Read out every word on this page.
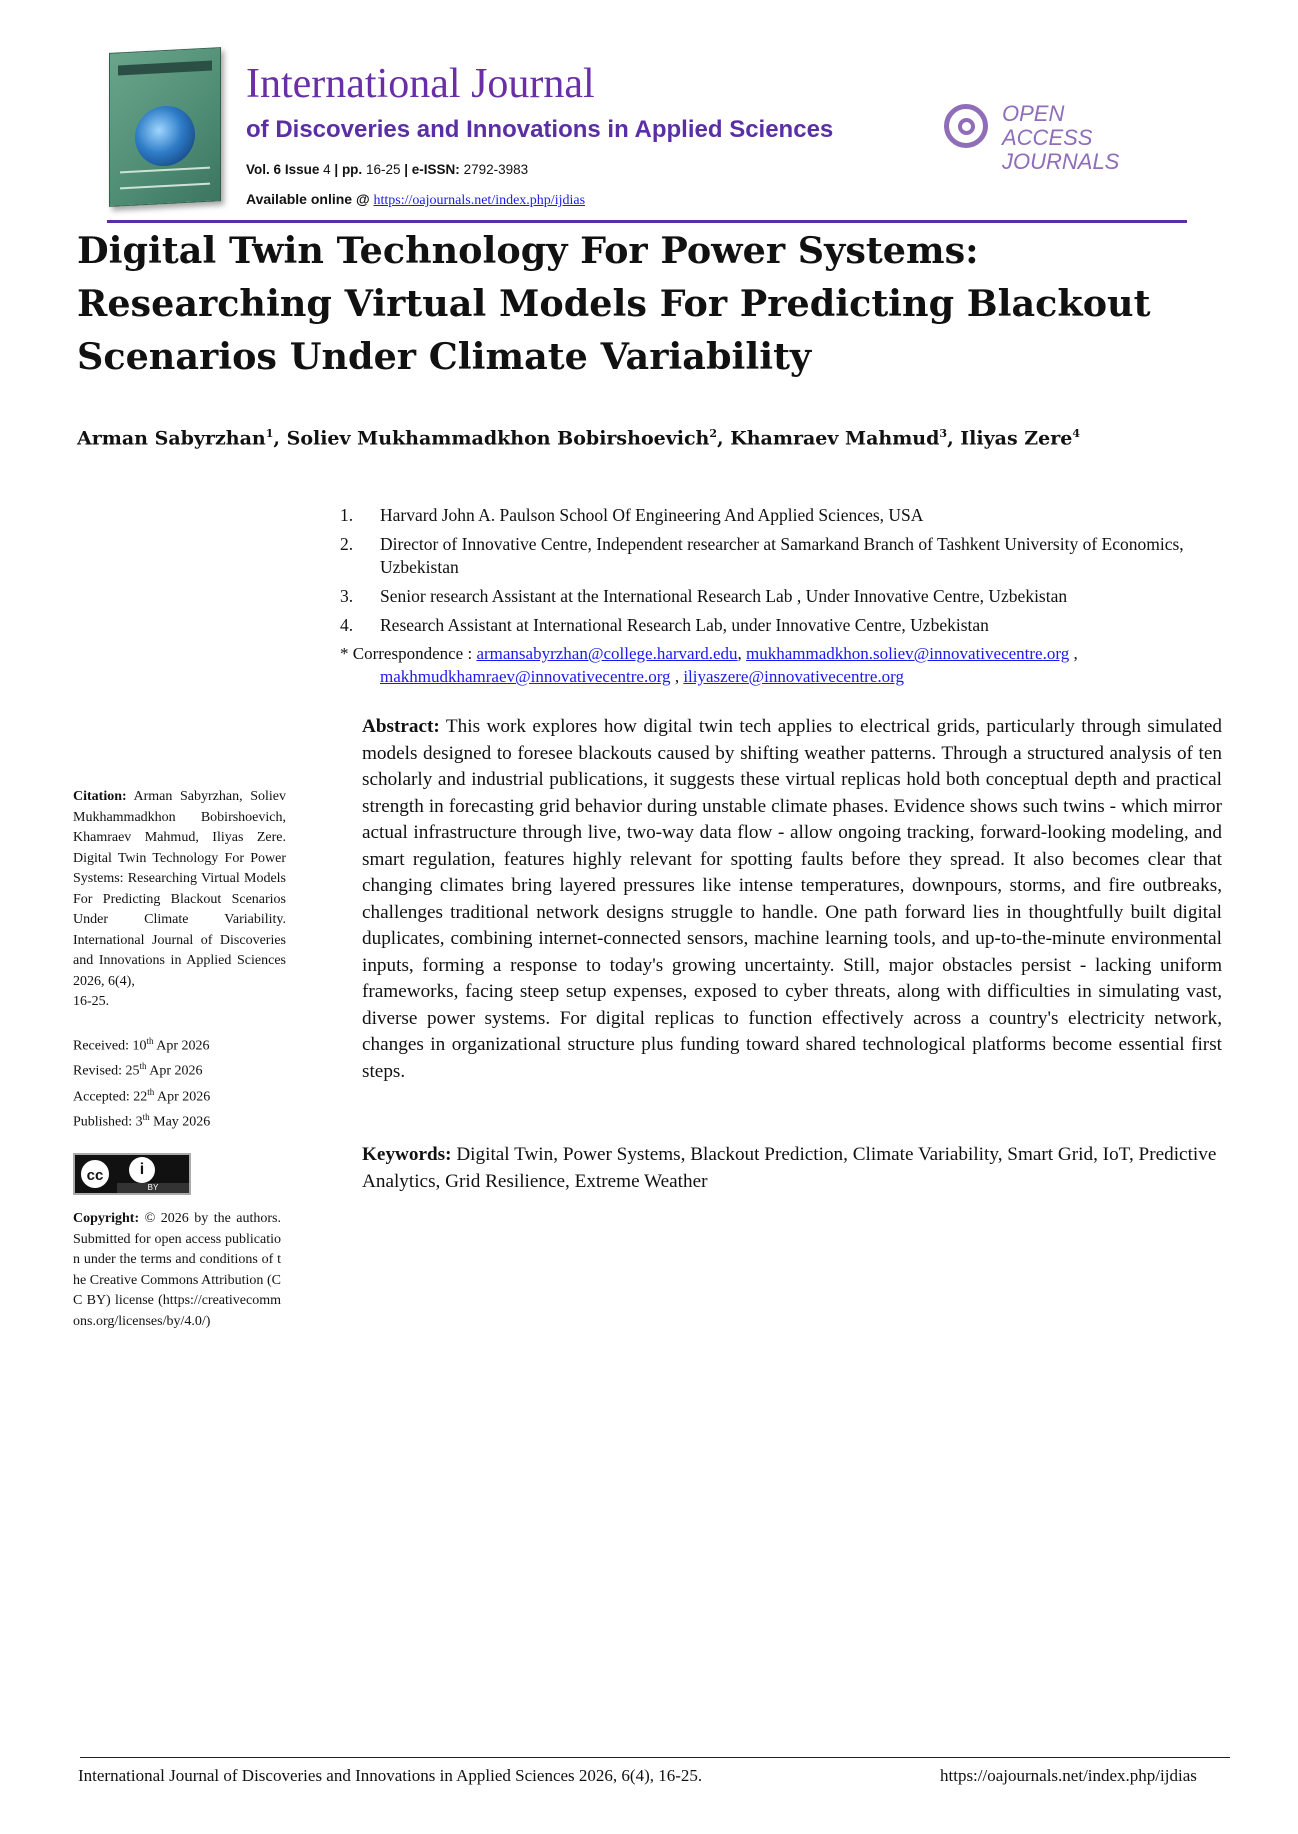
International Journal
of Discoveries and Innovations in Applied Sciences
Vol. 6 Issue 4 | pp. 16-25 | e-ISSN: 2792-3983
Available online @ https://oajournals.net/index.php/ijdias
OPEN
ACCESS JOURNALS
Digital Twin Technology For Power Systems: Researching Virtual Models For Predicting Blackout Scenarios Under Climate Variability
Arman Sabyrzhan$^1$, Soliev Mukhammadkhon Bobirshoevich$^2$, Khamraev Mahmud$^3$, Iliyas Zere$^4$
1. Harvard John A. Paulson School Of Engineering And Applied Sciences, USA
2. Director of Innovative Centre, Independent researcher at Samarkand Branch of Tashkent University of Economics, Uzbekistan
3. Senior research Assistant at the International Research Lab , Under Innovative Centre, Uzbekistan
4. Research Assistant at International Research Lab, under Innovative Centre, Uzbekistan
* Correspondence : armansabyrzhan@college.harvard.edu, mukhammadkhon.soliev@innovativecentre.org ,
makhmudkhamraev@innovativecentre.org , iliyaszere@innovativecentre.org
Citation: Arman Sabyrzhan, Soliev Mukhammadkhon Bobirshoevich, Khamraev Mahmud, Iliyas Zere. Digital Twin Technology For Power Systems: Researching Virtual Models For Predicting Blackout Scenarios Under Climate Variability. International Journal of Discoveries and Innovations in Applied Sciences 2026, 6(4),
16-25.
Received: 10th Apr 2026
Revised: 25th Apr 2026
Accepted: 22th Apr 2026
Published: 3th May 2026
cc	i
BY
Copyright: © 2026 by the authors. Submitted for open access publication under the terms and conditions of the Creative Commons Attribution (CC BY) license (https://creativecommons.org/licenses/by/4.0/)
Abstract: This work explores how digital twin tech applies to electrical grids, particularly through simulated models designed to foresee blackouts caused by shifting weather patterns. Through a structured analysis of ten scholarly and industrial publications, it suggests these virtual replicas hold both conceptual depth and practical strength in forecasting grid behavior during unstable climate phases. Evidence shows such twins - which mirror actual infrastructure through live, two-way data flow - allow ongoing tracking, forward-looking modeling, and smart regulation, features highly relevant for spotting faults before they spread. It also becomes clear that changing climates bring layered pressures like intense temperatures, downpours, storms, and fire outbreaks, challenges traditional network designs struggle to handle. One path forward lies in thoughtfully built digital duplicates, combining internet-connected sensors, machine learning tools, and up-to-the-minute environmental inputs, forming a response to today's growing uncertainty. Still, major obstacles persist - lacking uniform frameworks, facing steep setup expenses, exposed to cyber threats, along with difficulties in simulating vast, diverse power systems. For digital replicas to function effectively across a country's electricity network, changes in organizational structure plus funding toward shared technological platforms become essential first steps.
Keywords: Digital Twin, Power Systems, Blackout Prediction, Climate Variability, Smart Grid, IoT, Predictive Analytics, Grid Resilience, Extreme Weather
International Journal of Discoveries and Innovations in Applied Sciences 2026, 6(4), 16-25.	https://oajournals.net/index.php/ijdias
